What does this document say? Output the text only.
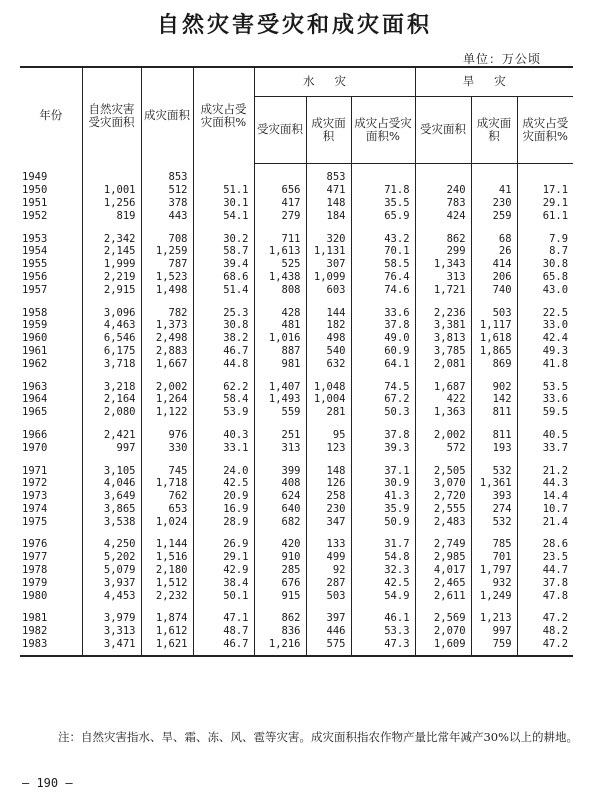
自然灾害受灾和成灾面积
单位：万公顷
年份	自然灾害受灾面积	成灾面积	成灾占受灾面积%	水灾			旱灾		
				受灾面积	成灾面积	成灾占受灾面积%	受灾面积	成灾面积	成灾占受灾面积%
1949		853			853				
1950	1,001	512	51.1	656	471	71.8	240	41	17.1
1951	1,256	378	30.1	417	148	35.5	783	230	29.1
1952	819	443	54.1	279	184	65.9	424	259	61.1
1953	2,342	708	30.2	711	320	43.2	862	68	7.9
1954	2,145	1,259	58.7	1,613	1,131	70.1	299	26	8.7
1955	1,999	787	39.4	525	307	58.5	1,343	414	30.8
1956	2,219	1,523	68.6	1,438	1,099	76.4	313	206	65.8
1957	2,915	1,498	51.4	808	603	74.6	1,721	740	43.0
1958	3,096	782	25.3	428	144	33.6	2,236	503	22.5
1959	4,463	1,373	30.8	481	182	37.8	3,381	1,117	33.0
1960	6,546	2,498	38.2	1,016	498	49.0	3,813	1,618	42.4
1961	6,175	2,883	46.7	887	540	60.9	3,785	1,865	49.3
1962	3,718	1,667	44.8	981	632	64.1	2,081	869	41.8
1963	3,218	2,002	62.2	1,407	1,048	74.5	1,687	902	53.5
1964	2,164	1,264	58.4	1,493	1,004	67.2	422	142	33.6
1965	2,080	1,122	53.9	559	281	50.3	1,363	811	59.5
1966	2,421	976	40.3	251	95	37.8	2,002	811	40.5
1970	997	330	33.1	313	123	39.3	572	193	33.7
1971	3,105	745	24.0	399	148	37.1	2,505	532	21.2
1972	4,046	1,718	42.5	408	126	30.9	3,070	1,361	44.3
1973	3,649	762	20.9	624	258	41.3	2,720	393	14.4
1974	3,865	653	16.9	640	230	35.9	2,555	274	10.7
1975	3,538	1,024	28.9	682	347	50.9	2,483	532	21.4
1976	4,250	1,144	26.9	420	133	31.7	2,749	785	28.6
1977	5,202	1,516	29.1	910	499	54.8	2,985	701	23.5
1978	5,079	2,180	42.9	285	92	32.3	4,017	1,797	44.7
1979	3,937	1,512	38.4	676	287	42.5	2,465	932	37.8
1980	4,453	2,232	50.1	915	503	54.9	2,611	1,249	47.8
1981	3,979	1,874	47.1	862	397	46.1	2,569	1,213	47.2
1982	3,313	1,612	48.7	836	446	53.3	2,070	997	48.2
1983	3,471	1,621	46.7	1,216	575	47.3	1,609	759	47.2
注：自然灾害指水、旱、霜、冻、风、雹等灾害。成灾面积指农作物产量比常年减产30%以上的耕地。
— 190 —
